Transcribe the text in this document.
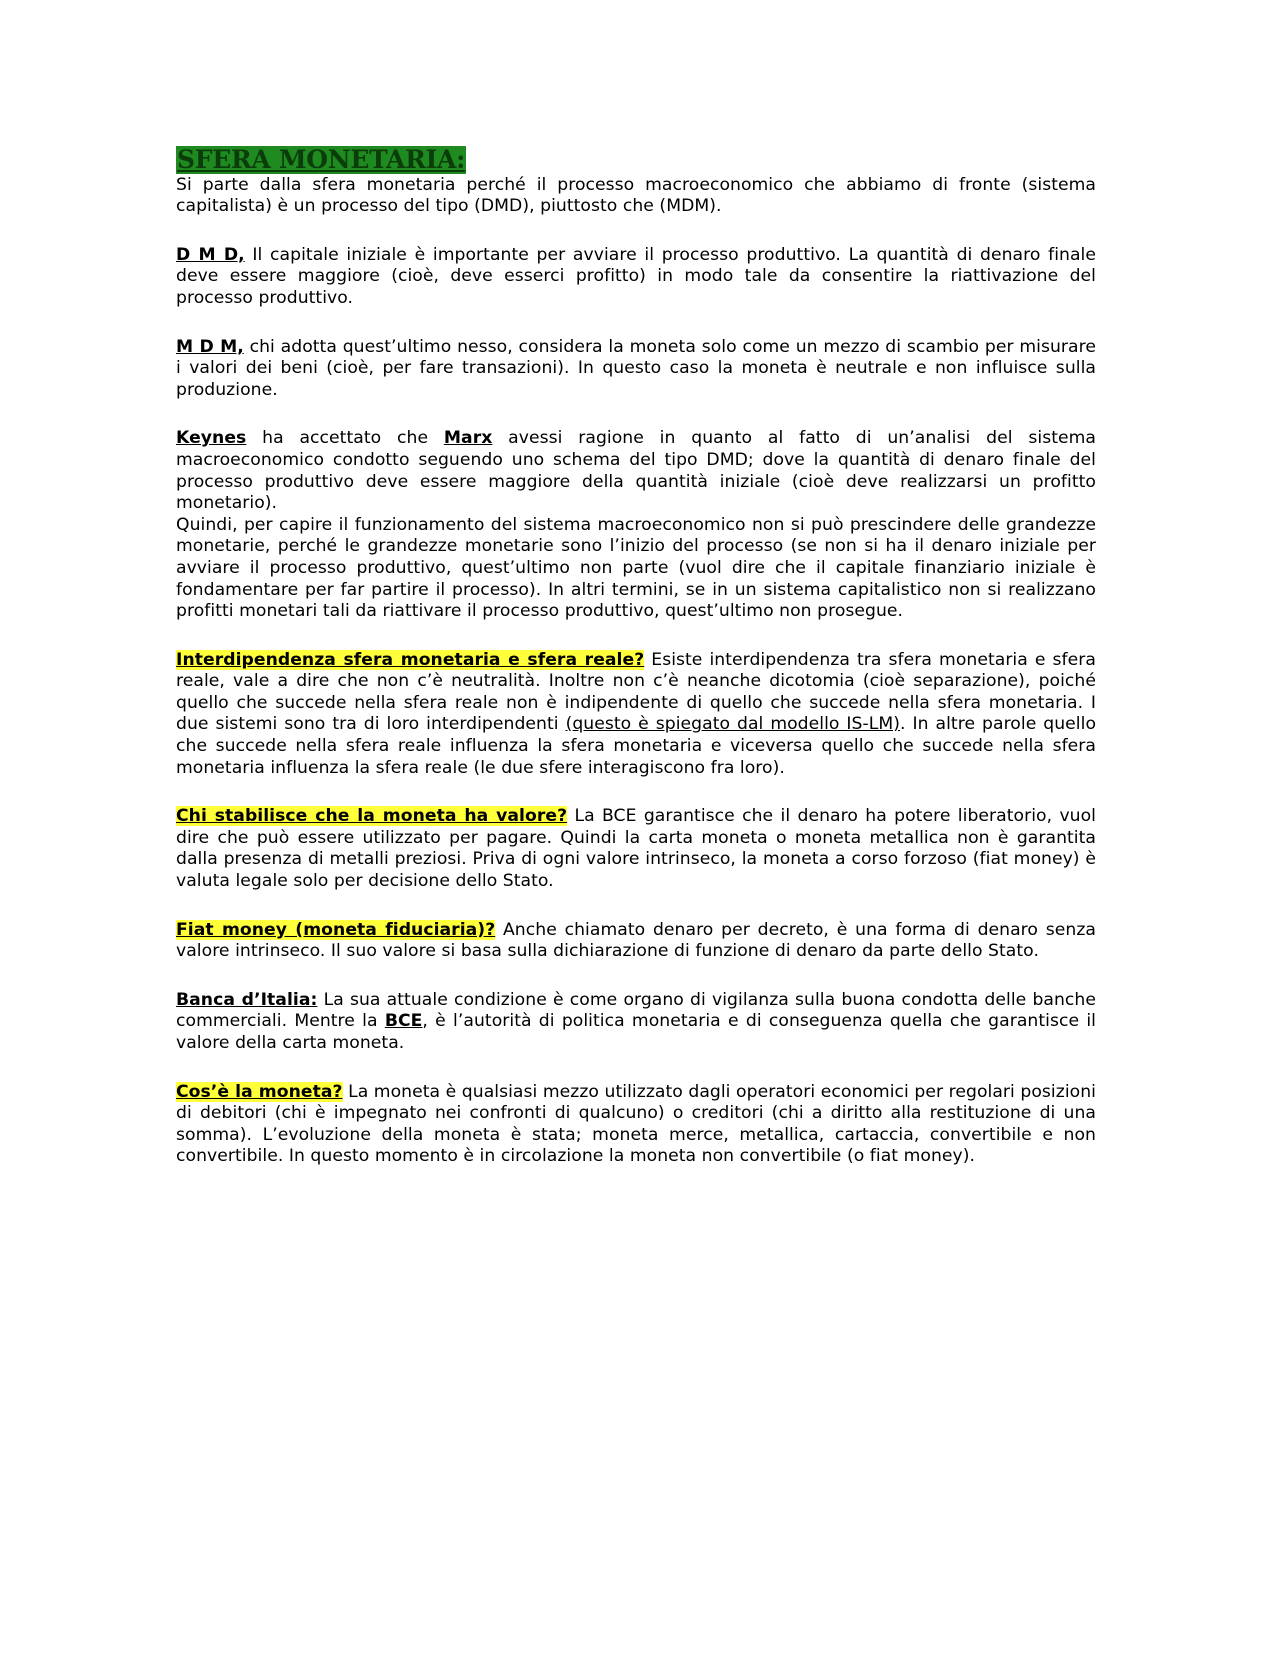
SFERA MONETARIA:

Si parte dalla sfera monetaria perché il processo macroeconomico che abbiamo di fronte (sistema capitalista) è un processo del tipo (DMD), piuttosto che (MDM).

D M D, Il capitale iniziale è importante per avviare il processo produttivo. La quantità di denaro finale deve essere maggiore (cioè, deve esserci profitto) in modo tale da consentire la riattivazione del processo produttivo.

M D M, chi adotta quest’ultimo nesso, considera la moneta solo come un mezzo di scambio per misurare i valori dei beni (cioè, per fare transazioni). In questo caso la moneta è neutrale e non influisce sulla produzione.

Keynes ha accettato che Marx avessi ragione in quanto al fatto di un’analisi del sistema macroeconomico condotto seguendo uno schema del tipo DMD; dove la quantità di denaro finale del processo produttivo deve essere maggiore della quantità iniziale (cioè deve realizzarsi un profitto monetario).

Quindi, per capire il funzionamento del sistema macroeconomico non si può prescindere delle grandezze monetarie, perché le grandezze monetarie sono l’inizio del processo (se non si ha il denaro iniziale per avviare il processo produttivo, quest’ultimo non parte (vuol dire che il capitale finanziario iniziale è fondamentare per far partire il processo). In altri termini, se in un sistema capitalistico non si realizzano profitti monetari tali da riattivare il processo produttivo, quest’ultimo non prosegue.

Interdipendenza sfera monetaria e sfera reale? Esiste interdipendenza tra sfera monetaria e sfera reale, vale a dire che non c’è neutralità. Inoltre non c’è neanche dicotomia (cioè separazione), poiché quello che succede nella sfera reale non è indipendente di quello che succede nella sfera monetaria. I due sistemi sono tra di loro interdipendenti (questo è spiegato dal modello IS-LM). In altre parole quello che succede nella sfera reale influenza la sfera monetaria e viceversa quello che succede nella sfera monetaria influenza la sfera reale (le due sfere interagiscono fra loro).

Chi stabilisce che la moneta ha valore? La BCE garantisce che il denaro ha potere liberatorio, vuol dire che può essere utilizzato per pagare. Quindi la carta moneta o moneta metallica non è garantita dalla presenza di metalli preziosi. Priva di ogni valore intrinseco, la moneta a corso forzoso (fiat money) è valuta legale solo per decisione dello Stato.

Fiat money (moneta fiduciaria)? Anche chiamato denaro per decreto, è una forma di denaro senza valore intrinseco. Il suo valore si basa sulla dichiarazione di funzione di denaro da parte dello Stato.

Banca d’Italia: La sua attuale condizione è come organo di vigilanza sulla buona condotta delle banche commerciali. Mentre la BCE, è l’autorità di politica monetaria e di conseguenza quella che garantisce il valore della carta moneta.

Cos’è la moneta? La moneta è qualsiasi mezzo utilizzato dagli operatori economici per regolari posizioni di debitori (chi è impegnato nei confronti di qualcuno) o creditori (chi a diritto alla restituzione di una somma). L’evoluzione della moneta è stata; moneta merce, metallica, cartaccia, convertibile e non convertibile. In questo momento è in circolazione la moneta non convertibile (o fiat money).
